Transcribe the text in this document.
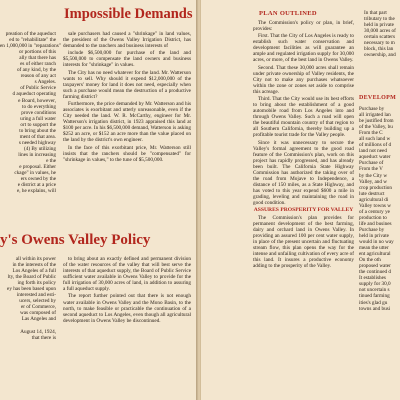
Impossible Demands
preation of the aqueduct
ed to "rehabilitate" the
en 1,000,000 in "reparations"
or portions of this
ally that there has
es of either ranch
of any kind, by the
reason of any act
s Angeles.
of Public Service
d aqueduct operating
e Board, however,
to do everything
prove conditions
uring a full water
ort to support the
to bring about the
ment of that area.
s needed highway
(4) By utilizing
lines in increasing
e the
e proposal. Either
ckage" in values, he
ers owned by the
e district at a price
e, he explains, will

sale purchasers had caused a "shrinkage" in land values, the president of the Owens Valley Irrigation District, has demanded to the ranchers and business interests of

include $6,500,000 for purchase of the land and $5,500,000 to compensate the land owners and business interests for "shrinkage" in values.

The City has no need whatever for the land. Mr. Watterson wants to sell. Why should it expend $12,000,000 of the taxpayers' money for land it does not need, especially when such a purchase would mean the destruction of a productive farming district?

Furthermore, the price demanded by Mr. Watterson and his associates is exorbitant and utterly unreasonable, even if the City needed the land. W. R. McCarthy, engineer for Mr. Watterson's irrigation district, in 1923 appraised this land at $100 per acre. In his $6,500,000 demand, Watterson is asking $252 an acre, or $152 an acre more than the value placed on the land by the district's own engineer.

In the face of this exorbitant price, Mr. Watterson still insists that the ranchers should be "compensated" for "shrinkage in values," to the tune of $5,500,000.

y's Owens Valley Policy
all within its power
in the interests of the
Los Angeles of a full
lty, the Board of Public
ing forth its policy
ey has been based upon
interested and esti-
ucers, selected by
er of Commerce,
was composed of
Las Angeles and
August 14, 1924,
that there is

to bring about an exactly defined and permanent division of the water resources of the valley that will best serve the interests of that aqueduct supply, the Board of Public Service sufficient water available in Owens Valley to provide for the full irrigation of 30,000 acres of land, in addition to assuring a full aqueduct supply.

The report further pointed out that there is not enough water available in Owens Valley and the Mono Basin, to the north, to make feasible or practicable the continuation of a second aqueduct to Los Angeles, even though all agricultural development in Owens Valley be discontinued.

PLAN OUTLINED

The Commission's policy or plan, in brief, provides:

First. That the City of Los Angeles is ready to establish such water conservation and development facilities as will guarantee an ample and regulated irrigation supply for 30,000 acres, or more, of the best land in Owens Valley.

Second. That these 30,000 acres shall remain under private ownership of Valley residents, the City not to make any purchases whatsoever within the zone or zones set aside to comprise this acreage.

Third. That the City would use its best efforts to bring about the establishment of a good automobile road from Los Angeles into and through Owens Valley. Such a road will open the beautiful mountain country of that region to all Southern California, thereby building up a profitable tourist trade for the Valley people.

Since it was unnecessary to secure the Valley's formal agreement to the good road feature of the Commission's plan, work on this project has rapidly progressed, and has already been built. The California State Highway Commission has authorized the taking over of the road from Mojave to Independence, a distance of 150 miles, as a State Highway, and has voted to this year expend $600 a mile in grading, leveling and maintaining the road in good condition.

ASSURES PROSPERITY FOR VALLEY

The Commission's plan provides for permanent development of the best farming, dairy and orchard land in Owens Valley. In providing an assured 100 per cent water supply, in place of the present uncertain and fluctuating stream flow, this plan opens the way for the intense and unfailing cultivation of every acre of this land. It insures a productive economy adding to the prosperity of the Valley.

In that part
tributary to the
held in private
30,000 acres of
certain scatters
necessary to m
block, this lan
ownership, and
DEVELOPM
Purchase by
all irrigated lan
be justified from
of the Valley, bu
From the C
all such land w
of millions of d
land not need
aqueduct water
Purchase of
From the V
by the City w
Valley, and w
crop production
lute destruct
agricultural di
Valley towns w
of a century ye
production to
life and busines
Purchase by
held in private
would in no way
mean the utter
ent agricultural
On the oth
proposed water
the continued d
It establishes
supply for 30,0
not uncertain s
tinued farming
ities's glad gu
towns and busi
